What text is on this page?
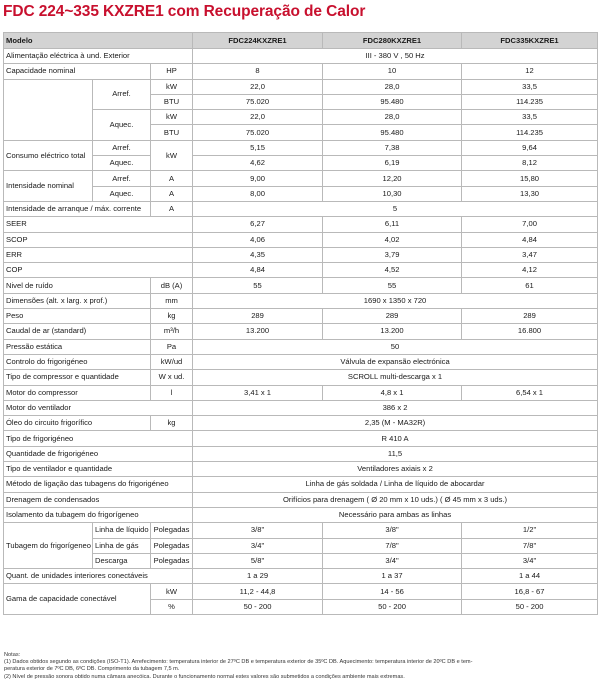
FDC 224~335 KXZRE1 com Recuperação de Calor
Modelo			FDC224KXZRE1	FDC280KXZRE1	FDC335KXZRE1
Alimentação eléctrica à und. Exterior			III - 380 V , 50 Hz		
Capacidade nominal		HP	8	10	12
	Arref.	kW	22,0	28,0	33,5
		BTU	75.020	95.480	114.235
	Aquec.	kW	22,0	28,0	33,5
		BTU	75.020	95.480	114.235
Consumo eléctrico total	Arref.	kW	5,15	7,38	9,64
	Aquec.		4,62	6,19	8,12
Intensidade nominal	Arref.	A	9,00	12,20	15,80
	Aquec.	A	8,00	10,30	13,30
Intensidade de arranque / máx. corrente		A	5		
SEER			6,27	6,11	7,00
SCOP			4,06	4,02	4,84
ERR			4,35	3,79	3,47
COP			4,84	4,52	4,12
Nivel de ruído		dB (A)	55	55	61
Dimensões (alt. x larg. x prof.)		mm	1690 x 1350 x 720		
Peso		kg	289	289	289
Caudal de ar (standard)		m³/h	13.200	13.200	16.800
Pressão estática		Pa	50		
Controlo do frigorigéneo		kW/ud	Válvula de expansão electrónica		
Tipo de compressor e quantidade		W x ud.	SCROLL multi-descarga x 1		
Motor do compressor		l	3,41 x 1	4,8 x 1	6,54 x 1
Motor do ventilador			386 x 2		
Óleo do circuito frigorífico		kg	2,35 (M - MA32R)		
Tipo de frigorigéneo			R 410 A		
Quantidade de frigorigéneo			11,5		
Tipo de ventilador e quantidade			Ventiladores axiais x 2		
Método de ligação das tubagens do frigorigéneo			Linha de gás soldada / Linha de líquido de abocardar		
Drenagem de condensados			Orifícios para drenagem ( Ø 20 mm x 10 uds.) ( Ø 45 mm x 3 uds.)		
Isolamento da tubagem do frigorígeneo			Necessário para ambas as linhas		
Tubagem do frigorígeneo	Linha de líquido	Polegadas	3/8"	3/8"	1/2"
	Linha de gás	Polegadas	3/4"	7/8"	7/8"
	Descarga	Polegadas	5/8"	3/4"	3/4"
Quant. de unidades interiores conectáveis			1 a 29	1 a 37	1 a 44
Gama de capacidade conectável		kW	11,2 - 44,8	14 - 56	16,8 - 67
		%	50 - 200	50 - 200	50 - 200
Notas:
(1) Dados obtidos segundo as condições (ISO-T1). Arrefecimento: temperatura interior de 27ºC DB e temperatura exterior de 35ºC DB. Aquecimento: temperatura interior de 20ºC DB e tem-
peratura exterior de 7ºC DB, 6ºC DB. Comprimento da tubagem 7,5 m.
(2) Nível de pressão sonora obtido numa câmara anecóica. Durante o funcionamento normal estes valores são submetidos a condições ambiente mais extremas.
